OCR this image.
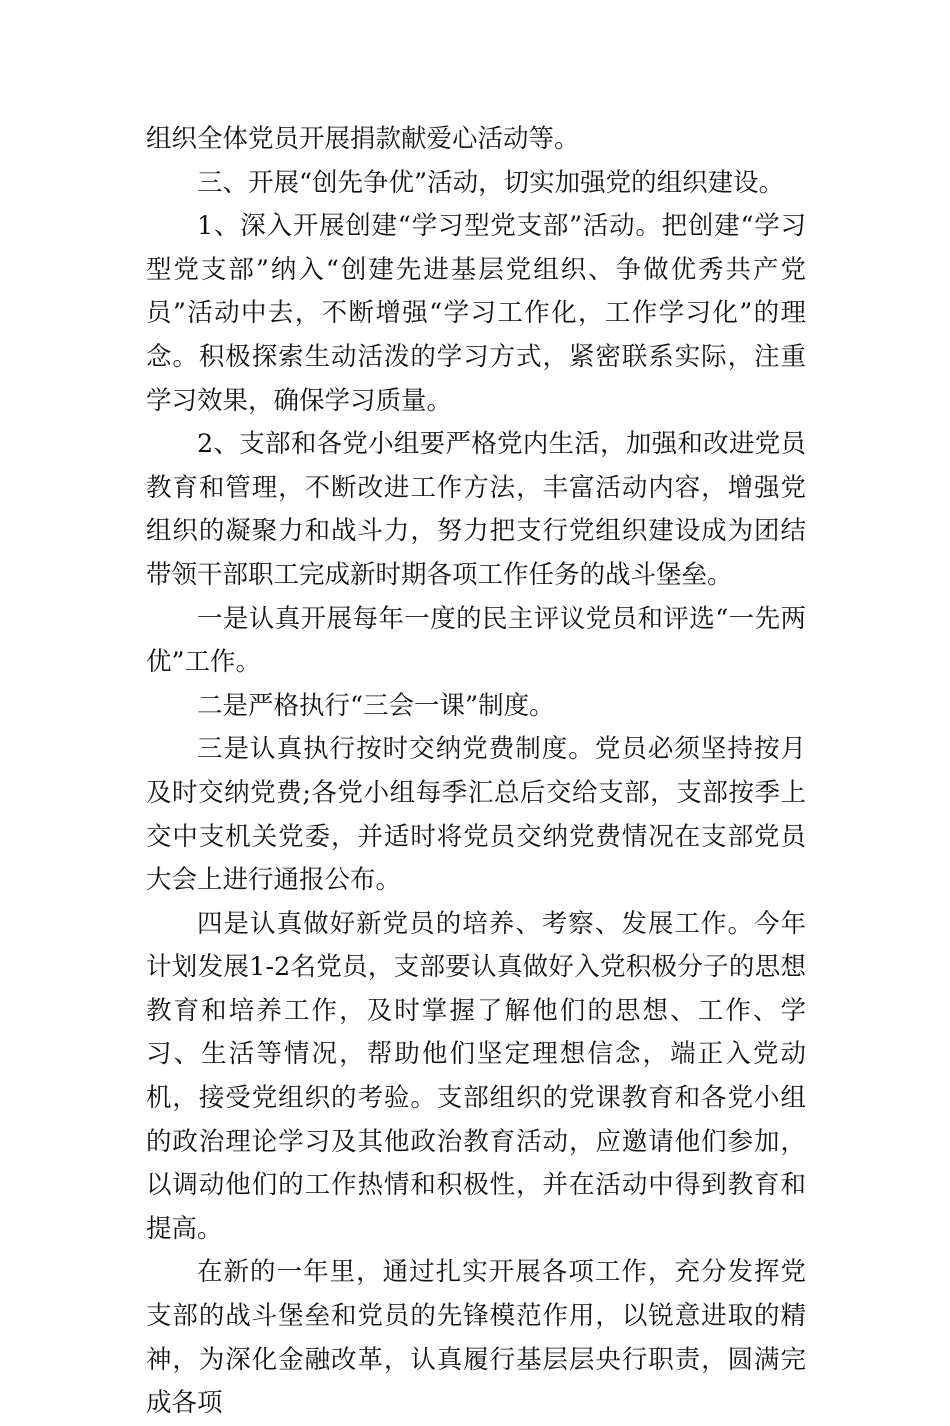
组织全体党员开展捐款献爱心活动等。

三、开展“创先争优”活动，切实加强党的组织建设。

1、深入开展创建“学习型党支部”活动。把创建“学习型党支部”纳入“创建先进基层党组织、争做优秀共产党员”活动中去，不断增强“学习工作化，工作学习化”的理念。积极探索生动活泼的学习方式，紧密联系实际，注重学习效果，确保学习质量。

2、支部和各党小组要严格党内生活，加强和改进党员教育和管理，不断改进工作方法，丰富活动内容，增强党组织的凝聚力和战斗力，努力把支行党组织建设成为团结带领干部职工完成新时期各项工作任务的战斗堡垒。

一是认真开展每年一度的民主评议党员和评选“一先两优”工作。

二是严格执行“三会一课”制度。

三是认真执行按时交纳党费制度。党员必须坚持按月及时交纳党费;各党小组每季汇总后交给支部，支部按季上交中支机关党委，并适时将党员交纳党费情况在支部党员大会上进行通报公布。

四是认真做好新党员的培养、考察、发展工作。今年计划发展1-2名党员，支部要认真做好入党积极分子的思想教育和培养工作，及时掌握了解他们的思想、工作、学习、生活等情况，帮助他们坚定理想信念，端正入党动机，接受党组织的考验。支部组织的党课教育和各党小组的政治理论学习及其他政治教育活动，应邀请他们参加，以调动他们的工作热情和积极性，并在活动中得到教育和提高。

在新的一年里，通过扎实开展各项工作，充分发挥党支部的战斗堡垒和党员的先锋模范作用，以锐意进取的精神，为深化金融改革，认真履行基层层央行职责，圆满完成各项
